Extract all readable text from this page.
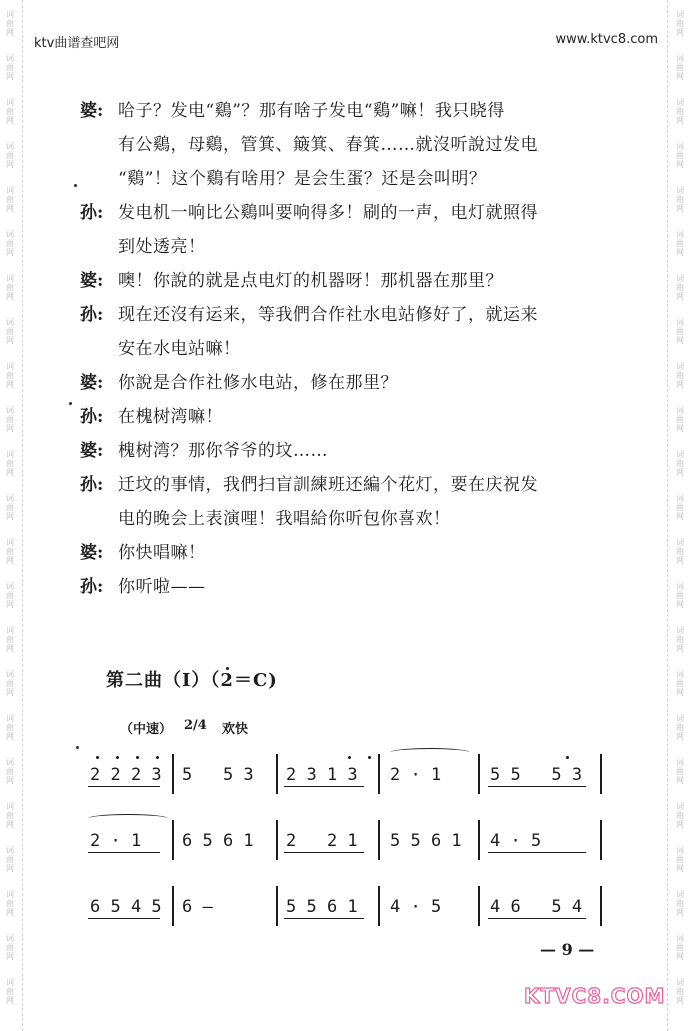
词曲网
词曲网
词曲网
词曲网
词曲网
词曲网
词曲网
词曲网
词曲网
词曲网
词曲网
词曲网
词曲网
词曲网
词曲网
词曲网
词曲网
词曲网
词曲网
词曲网
词曲网
词曲网
词曲网
词曲网
词曲网
词曲网
词曲网
词曲网
词曲网
词曲网
词曲网
词曲网
词曲网
词曲网
词曲网
词曲网
词曲网
词曲网
词曲网
词曲网
词曲网
词曲网
词曲网
词曲网
词曲网
词曲网
ktv曲谱查吧网	www.ktvc8.com
婆: 哈子？发电“鷄”？那有啥子发电“鷄”嘛！我只晓得
有公鷄，母鷄，管箕、簸箕、春箕……就沒听說过发电
“鷄”！这个鷄有啥用？是会生蛋？还是会叫明？
孙: 发电机一响比公鷄叫要响得多！刷的一声，电灯就照得
到处透亮！
婆: 噢！你說的就是点电灯的机器呀！那机器在那里？
孙: 现在还沒有运来，等我們合作社水电站修好了，就运来
安在水电站嘛！
婆: 你說是合作社修水电站，修在那里？
孙: 在槐树湾嘛！
婆: 槐树湾？那你爷爷的坟……
孙: 迁坟的事情，我們扫盲訓練班还編个花灯，要在庆祝发
电的晚会上表演哩！我唱給你听包你喜欢！
婆: 你快唱嘛！
孙: 你听啦——
第二曲（Ⅰ）（2＝C)
（中速） 2/4 欢快
2 2 2 3 5   5 3 2 3 1 3 2 · 1	5 5   5 3
2 · 1 6 5 6 1 2   2 1 5 5 6 1 4 · 5
6 5 4 5 6 —	5 5 6 1 4 · 5	4 6   5 4
— 9 —
KTVC8.COM
